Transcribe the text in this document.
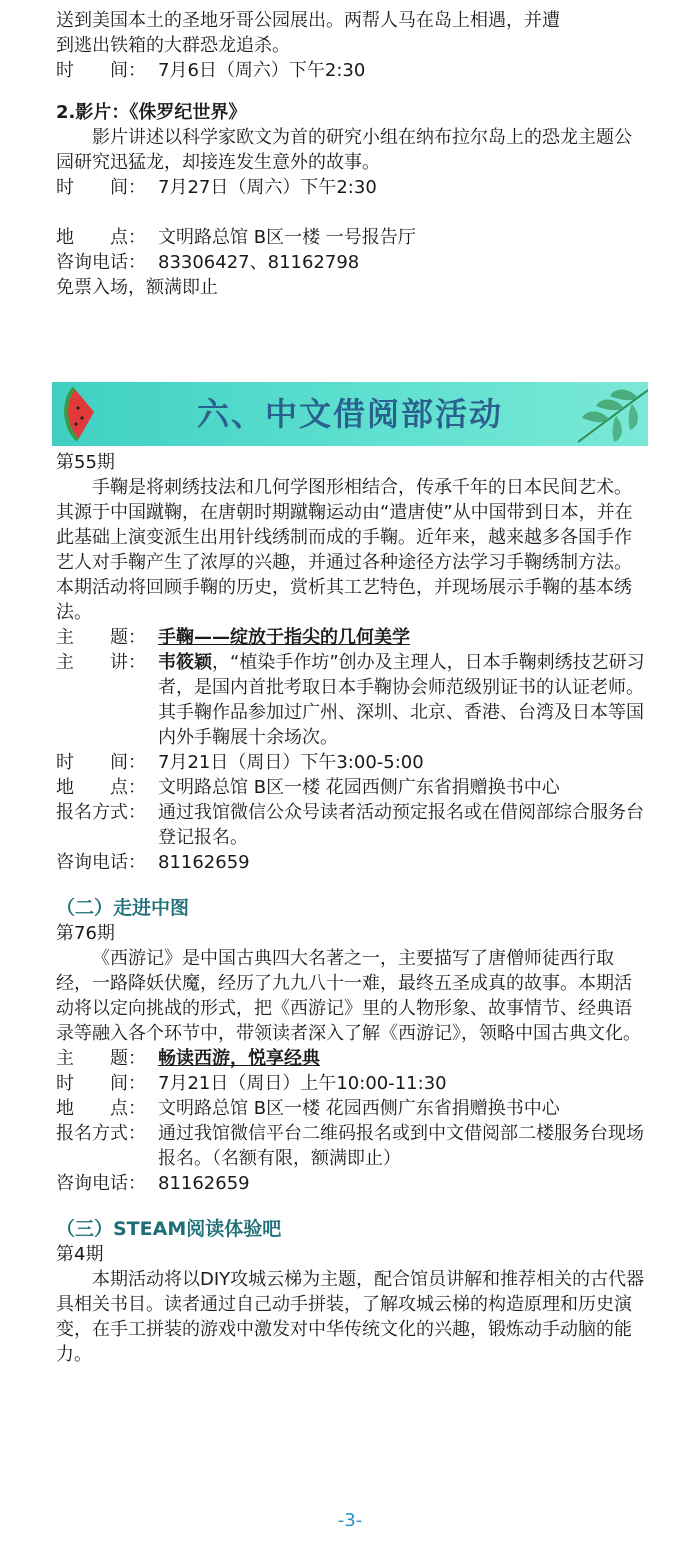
送到美国本土的圣地牙哥公园展出。两帮人马在岛上相遇，并遭

到逃出铁箱的大群恐龙追杀。

时　　间： 7月6日（周六）下午2:30

2.影片：《侏罗纪世界》

影片讲述以科学家欧文为首的研究小组在纳布拉尔岛上的恐龙主题公园研究迅猛龙，却接连发生意外的故事。

时　　间： 7月27日（周六）下午2:30
地　　点： 文明路总馆 B区一楼 一号报告厅
咨询电话： 83306427、81162798

免票入场，额满即止

第55期

手鞠是将刺绣技法和几何学图形相结合，传承千年的日本民间艺术。其源于中国蹴鞠，在唐朝时期蹴鞠运动由“遣唐使”从中国带到日本，并在此基础上演变派生出用针线绣制而成的手鞠。近年来，越来越多各国手作艺人对手鞠产生了浓厚的兴趣，并通过各种途径方法学习手鞠绣制方法。本期活动将回顾手鞠的历史，赏析其工艺特色，并现场展示手鞠的基本绣法。

主　　题： 手鞠——绽放于指尖的几何美学
主　　讲： 韦筱颖，“植染手作坊”创办及主理人，日本手鞠刺绣技艺研习者，是国内首批考取日本手鞠协会师范级别证书的认证老师。其手鞠作品参加过广州、深圳、北京、香港、台湾及日本等国内外手鞠展十余场次。
时　　间： 7月21日（周日）下午3:00-5:00
地　　点： 文明路总馆 B区一楼 花园西侧广东省捐赠换书中心
报名方式： 通过我馆微信公众号读者活动预定报名或在借阅部综合服务台登记报名。
咨询电话： 81162659
（二）走进中图

第76期

《西游记》是中国古典四大名著之一，主要描写了唐僧师徒西行取经，一路降妖伏魔，经历了九九八十一难，最终五圣成真的故事。本期活动将以定向挑战的形式，把《西游记》里的人物形象、故事情节、经典语录等融入各个环节中，带领读者深入了解《西游记》，领略中国古典文化。

主　　题： 畅读西游，悦享经典
时　　间： 7月21日（周日）上午10:00-11:30
地　　点： 文明路总馆 B区一楼 花园西侧广东省捐赠换书中心
报名方式： 通过我馆微信平台二维码报名或到中文借阅部二楼服务台现场报名。（名额有限，额满即止）
咨询电话： 81162659
（三）STEAM阅读体验吧

第4期

本期活动将以DIY攻城云梯为主题，配合馆员讲解和推荐相关的古代器具相关书目。读者通过自己动手拼装，了解攻城云梯的构造原理和历史演变，在手工拼装的游戏中激发对中华传统文化的兴趣，锻炼动手动脑的能力。

六、中文借阅部活动
-3-
